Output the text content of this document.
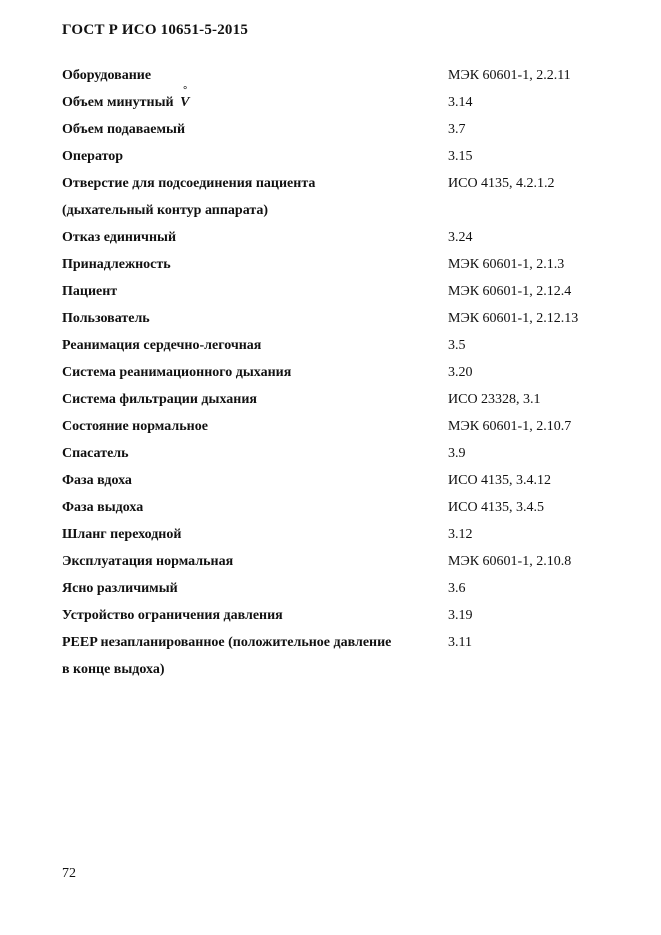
ГОСТ Р ИСО 10651-5-2015
Оборудование	МЭК 60601-1, 2.2.11
Объем минутный ° V	3.14
Объем подаваемый	3.7
Оператор	3.15
Отверстие для подсоединения пациента
(дыхательный контур аппарата)	ИСО 4135, 4.2.1.2
Отказ единичный	3.24
Принадлежность	МЭК 60601-1, 2.1.3
Пациент	МЭК 60601-1, 2.12.4
Пользователь	МЭК 60601-1, 2.12.13
Реанимация сердечно-легочная	3.5
Система реанимационного дыхания	3.20
Система фильтрации дыхания	ИСО 23328, 3.1
Состояние нормальное	МЭК 60601-1, 2.10.7
Спасатель	3.9
Фаза вдоха	ИСО 4135, 3.4.12
Фаза выдоха	ИСО 4135, 3.4.5
Шланг переходной	3.12
Эксплуатация нормальная	МЭК 60601-1, 2.10.8
Ясно различимый	3.6
Устройство ограничения давления	3.19
PEEP незапланированное (положительное давление
в конце выдоха)	3.11
72
